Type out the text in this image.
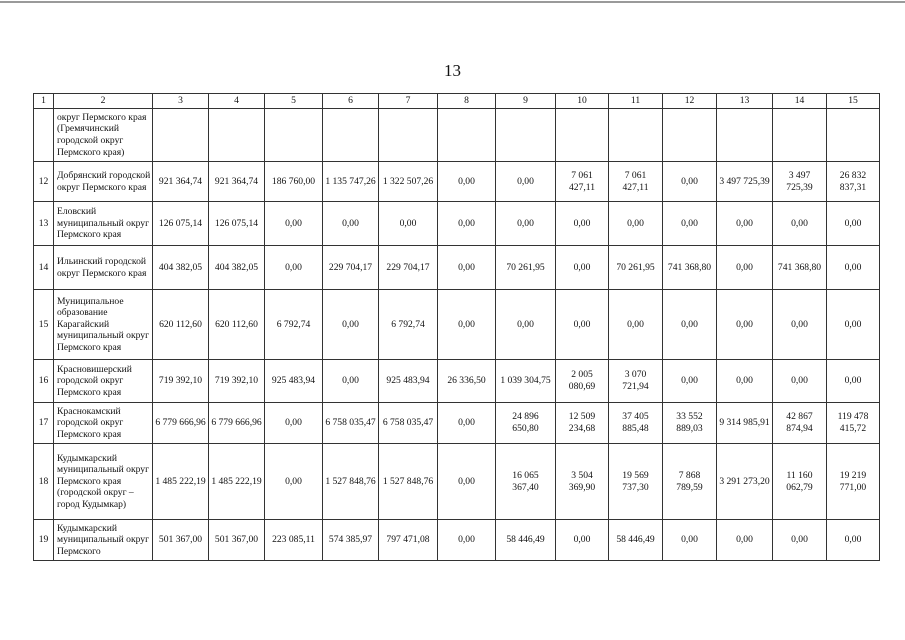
13
1	2	3	4	5	6	7	8	9	10	11	12	13	14	15
	округ Пермского края (Гремячинский городской округ Пермского края)													
12	Добрянский городской округ Пермского края	921 364,74	921 364,74	186 760,00	1 135 747,26	1 322 507,26	0,00	0,00	7 061 427,11	7 061 427,11	0,00	3 497 725,39	3 497 725,39	26 832 837,31
13	Еловский муниципальный округ Пермского края	126 075,14	126 075,14	0,00	0,00	0,00	0,00	0,00	0,00	0,00	0,00	0,00	0,00	0,00
14	Ильинский городской округ Пермского края	404 382,05	404 382,05	0,00	229 704,17	229 704,17	0,00	70 261,95	0,00	70 261,95	741 368,80	0,00	741 368,80	0,00
15	Муниципальное образование Карагайский муниципальный округ Пермского края	620 112,60	620 112,60	6 792,74	0,00	6 792,74	0,00	0,00	0,00	0,00	0,00	0,00	0,00	0,00
16	Красновишерский городской округ Пермского края	719 392,10	719 392,10	925 483,94	0,00	925 483,94	26 336,50	1 039 304,75	2 005 080,69	3 070 721,94	0,00	0,00	0,00	0,00
17	Краснокамский городской округ Пермского края	6 779 666,96	6 779 666,96	0,00	6 758 035,47	6 758 035,47	0,00	24 896 650,80	12 509 234,68	37 405 885,48	33 552 889,03	9 314 985,91	42 867 874,94	119 478 415,72
18	Кудымкарский муниципальный округ Пермского края (городской округ – город Кудымкар)	1 485 222,19	1 485 222,19	0,00	1 527 848,76	1 527 848,76	0,00	16 065 367,40	3 504 369,90	19 569 737,30	7 868 789,59	3 291 273,20	11 160 062,79	19 219 771,00
19	Кудымкарский муниципальный округ Пермского	501 367,00	501 367,00	223 085,11	574 385,97	797 471,08	0,00	58 446,49	0,00	58 446,49	0,00	0,00	0,00	0,00
